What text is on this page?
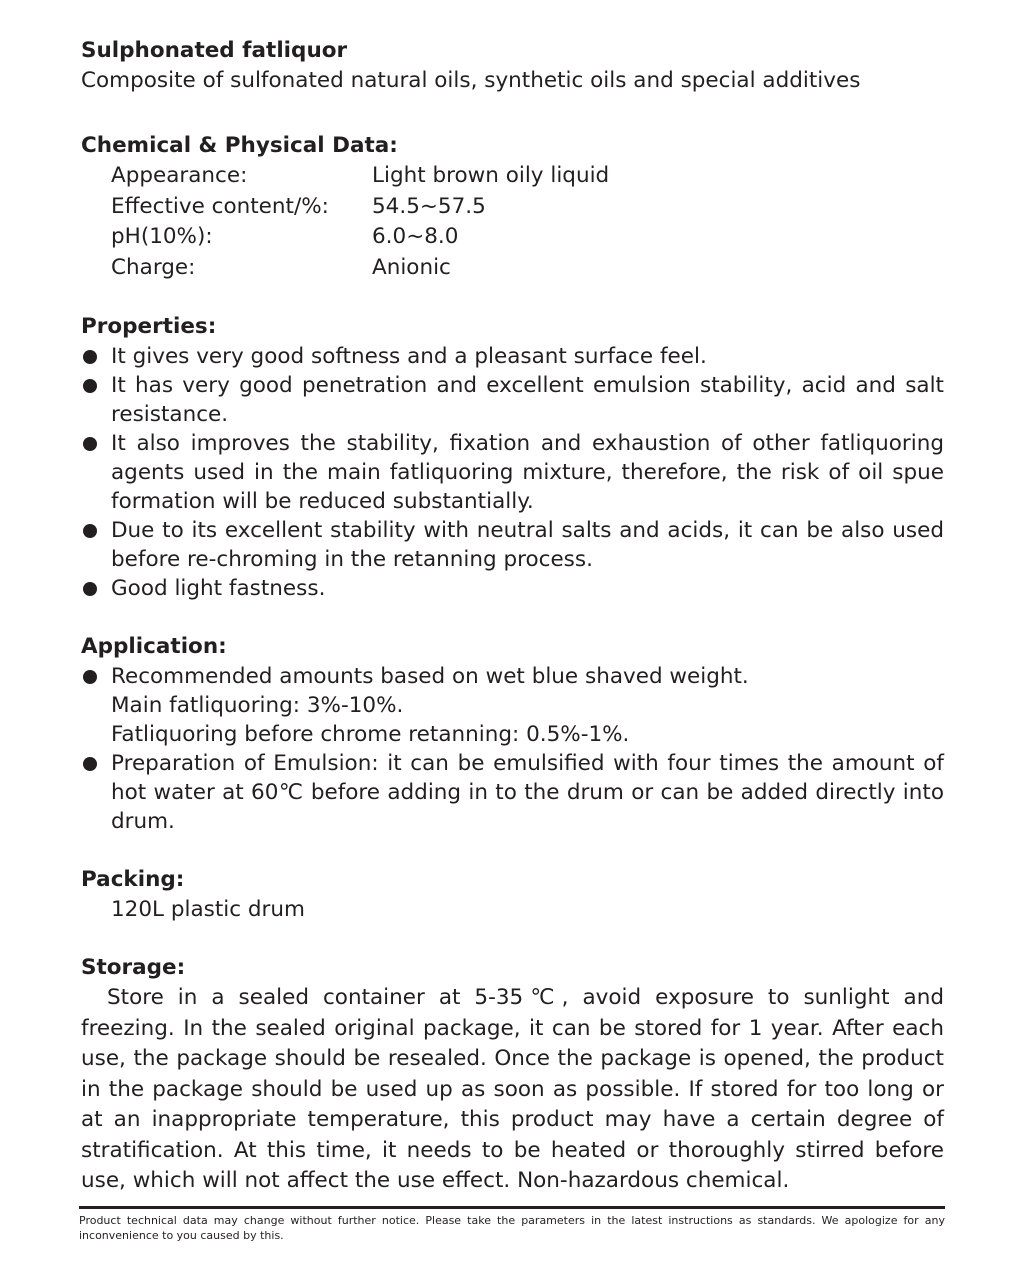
Sulphonated fatliquor

Composite of sulfonated natural oils, synthetic oils and special additives

Chemical & Physical Data:

Appearance:	Light brown oily liquid
Effective content/%:	54.5~57.5
pH(10%):	6.0~8.0
Charge:	Anionic

Properties:

It gives very good softness and a pleasant surface feel.
It has very good penetration and excellent emulsion stability, acid and salt resistance.
It also improves the stability, fixation and exhaustion of other fatliquoring agents used in the main fatliquoring mixture, therefore, the risk of oil spue formation will be reduced substantially.
Due to its excellent stability with neutral salts and acids, it can be also used before re-chroming in the retanning process.
Good light fastness.

Application:

Recommended amounts based on wet blue shaved weight.
Main fatliquoring: 3%-10%.
Fatliquoring before chrome retanning: 0.5%-1%.
Preparation of Emulsion: it can be emulsified with four times the amount of hot water at 60℃ before adding in to the drum or can be added directly into drum.

Packing:

120L plastic drum

Storage:

Store in a sealed container at 5-35℃, avoid exposure to sunlight and freezing. In the sealed original package, it can be stored for 1 year. After each use, the package should be resealed. Once the package is opened, the product in the package should be used up as soon as possible. If stored for too long or at an inappropriate temperature, this product may have a certain degree of stratification. At this time, it needs to be heated or thoroughly stirred before use, which will not affect the use effect. Non-hazardous chemical.

Product technical data may change without further notice. Please take the parameters in the latest instructions as standards. We apologize for any inconvenience to you caused by this.
